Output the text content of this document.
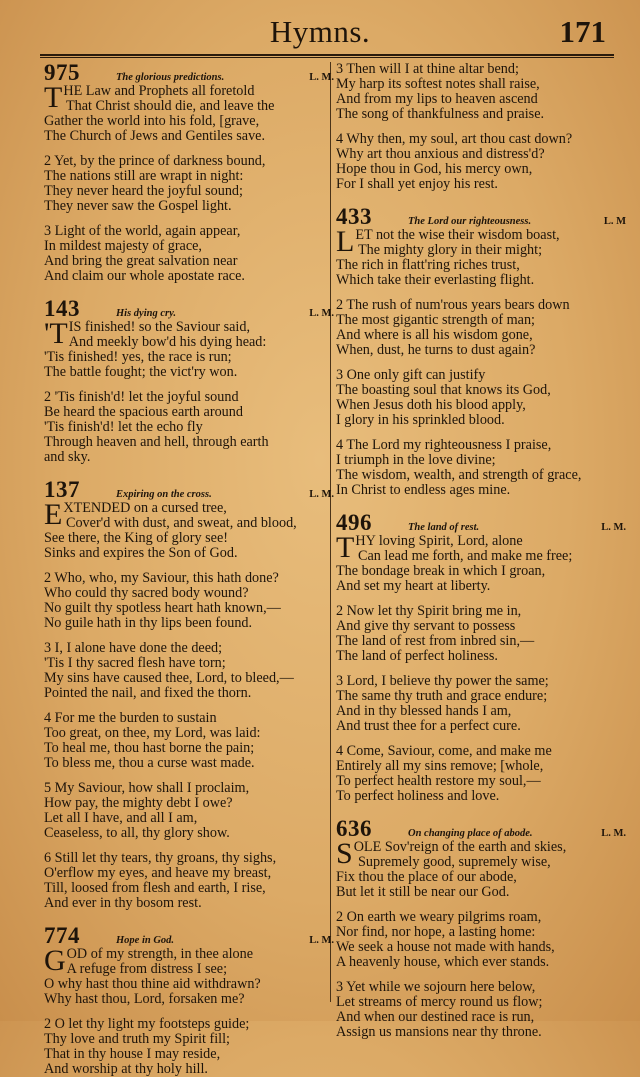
Hymns.	171
975	The glorious predictions.	L. M.
T HE Law and Prophets all foretold
That Christ should die, and leave the
Gather the world into his fold, [grave,
The Church of Jews and Gentiles save.
2 Yet, by the prince of darkness bound,
The nations still are wrapt in night:
They never heard the joyful sound;
They never saw the Gospel light.
3 Light of the world, again appear,
In mildest majesty of grace,
And bring the great salvation near
And claim our whole apostate race.
143	His dying cry.	L. M.
'T IS finished! so the Saviour said,
And meekly bow'd his dying head:
'Tis finished! yes, the race is run;
The battle fought; the vict'ry won.
2 'Tis finish'd! let the joyful sound
Be heard the spacious earth around
'Tis finish'd! let the echo fly
Through heaven and hell, through earth
and sky.
137	Expiring on the cross.	L. M.
E XTENDED on a cursed tree,
Cover'd with dust, and sweat, and blood,
See there, the King of glory see!
Sinks and expires the Son of God.
2 Who, who, my Saviour, this hath done?
Who could thy sacred body wound?
No guilt thy spotless heart hath known,—
No guile hath in thy lips been found.
3 I, I alone have done the deed;
'Tis I thy sacred flesh have torn;
My sins have caused thee, Lord, to bleed,—
Pointed the nail, and fixed the thorn.
4 For me the burden to sustain
Too great, on thee, my Lord, was laid:
To heal me, thou hast borne the pain;
To bless me, thou a curse wast made.
5 My Saviour, how shall I proclaim,
How pay, the mighty debt I owe?
Let all I have, and all I am,
Ceaseless, to all, thy glory show.
6 Still let thy tears, thy groans, thy sighs,
O'erflow my eyes, and heave my breast,
Till, loosed from flesh and earth, I rise,
And ever in thy bosom rest.
774	Hope in God.	L. M.
G OD of my strength, in thee alone
A refuge from distress I see;
O why hast thou thine aid withdrawn?
Why hast thou, Lord, forsaken me?
2 O let thy light my footsteps guide;
Thy love and truth my Spirit fill;
That in thy house I may reside,
And worship at thy holy hill.
3 Then will I at thine altar bend;
My harp its softest notes shall raise,
And from my lips to heaven ascend
The song of thankfulness and praise.
4 Why then, my soul, art thou cast down?
Why art thou anxious and distress'd?
Hope thou in God, his mercy own,
For I shall yet enjoy his rest.
433	The Lord our righteousness.	L. M
L ET not the wise their wisdom boast,
The mighty glory in their might;
The rich in flatt'ring riches trust,
Which take their everlasting flight.
2 The rush of num'rous years bears down
The most gigantic strength of man;
And where is all his wisdom gone,
When, dust, he turns to dust again?
3 One only gift can justify
The boasting soul that knows its God,
When Jesus doth his blood apply,
I glory in his sprinkled blood.
4 The Lord my righteousness I praise,
I triumph in the love divine;
The wisdom, wealth, and strength of grace,
In Christ to endless ages mine.
496	The land of rest.	L. M.
T HY loving Spirit, Lord, alone
Can lead me forth, and make me free;
The bondage break in which I groan,
And set my heart at liberty.
2 Now let thy Spirit bring me in,
And give thy servant to possess
The land of rest from inbred sin,—
The land of perfect holiness.
3 Lord, I believe thy power the same;
The same thy truth and grace endure;
And in thy blessed hands I am,
And trust thee for a perfect cure.
4 Come, Saviour, come, and make me
Entirely all my sins remove; [whole,
To perfect health restore my soul,—
To perfect holiness and love.
636	On changing place of abode.	L. M.
S OLE Sov'reign of the earth and skies,
Supremely good, supremely wise,
Fix thou the place of our abode,
But let it still be near our God.
2 On earth we weary pilgrims roam,
Nor find, nor hope, a lasting home:
We seek a house not made with hands,
A heavenly house, which ever stands.
3 Yet while we sojourn here below,
Let streams of mercy round us flow;
And when our destined race is run,
Assign us mansions near thy throne.
